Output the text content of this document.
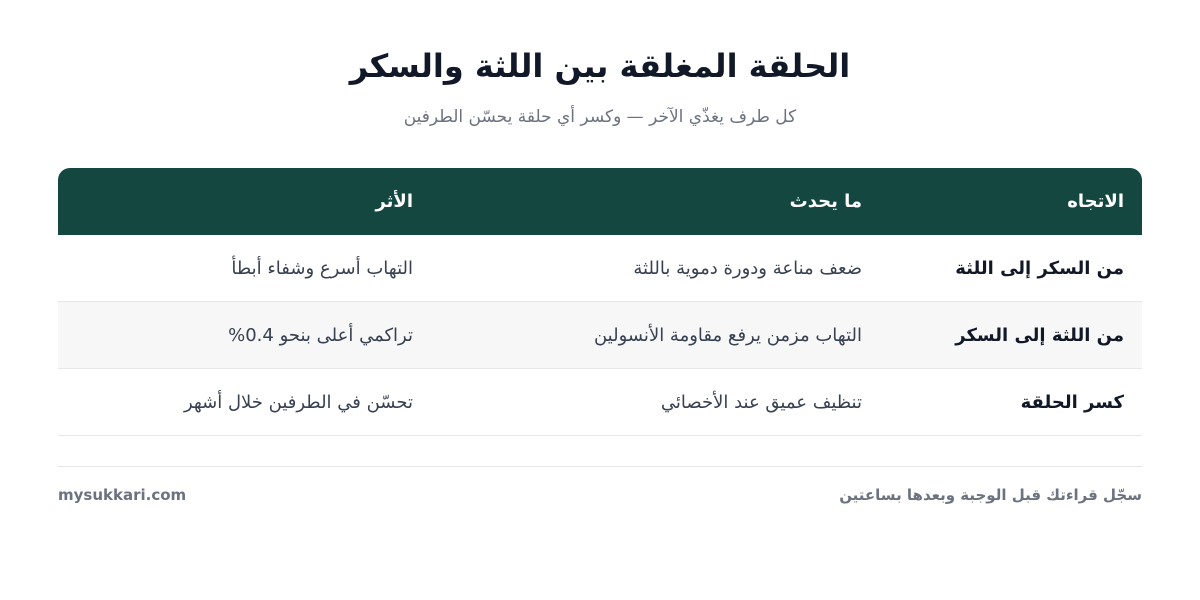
الحلقة المغلقة بين اللثة والسكر
كل طرف يغذّي الآخر — وكسر أي حلقة يحسّن الطرفين
الاتجاه
ما يحدث
الأثر
من السكر إلى اللثة
ضعف مناعة ودورة دموية باللثة
التهاب أسرع وشفاء أبطأ
من اللثة إلى السكر
التهاب مزمن يرفع مقاومة الأنسولين
تراكمي أعلى بنحو 0.4%
كسر الحلقة
تنظيف عميق عند الأخصائي
تحسّن في الطرفين خلال أشهر
سجّل قراءتك قبل الوجبة وبعدها بساعتين
mysukkari.com
